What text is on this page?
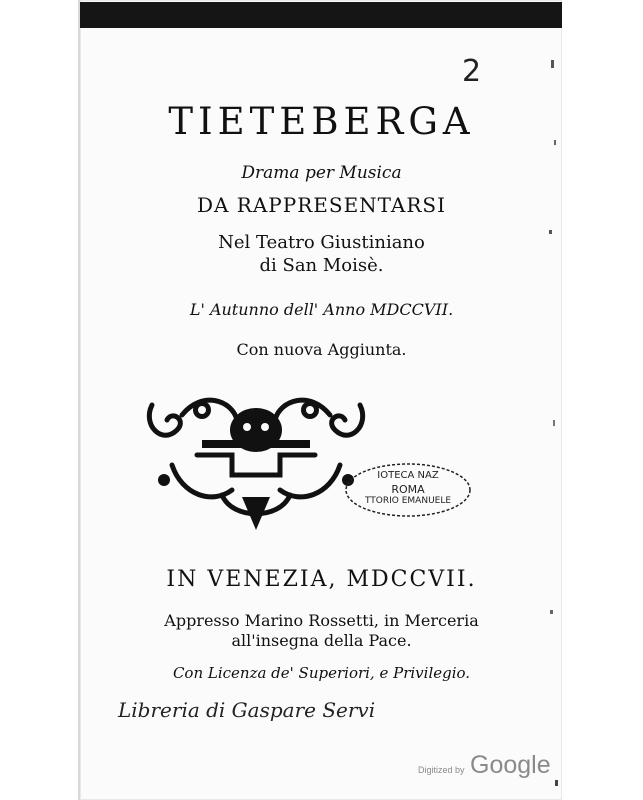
2
TIETEBERGA
Drama per Musica
DA RAPPRESENTARSI
Nel Teatro Giustiniano
di San Moisè.
L' Autunno dell' Anno MDCCVII.
Con nuova Aggiunta.
IOTECA NAZ
ROMA
TTORIO EMANUELE
IN VENEZIA, MDCCVII.
Appresso Marino Rossetti, in Merceria
all'insegna della Pace.
Con Licenza de' Superiori, e Privilegio.
Libreria di Gaspare Servi
Digitized by Google
